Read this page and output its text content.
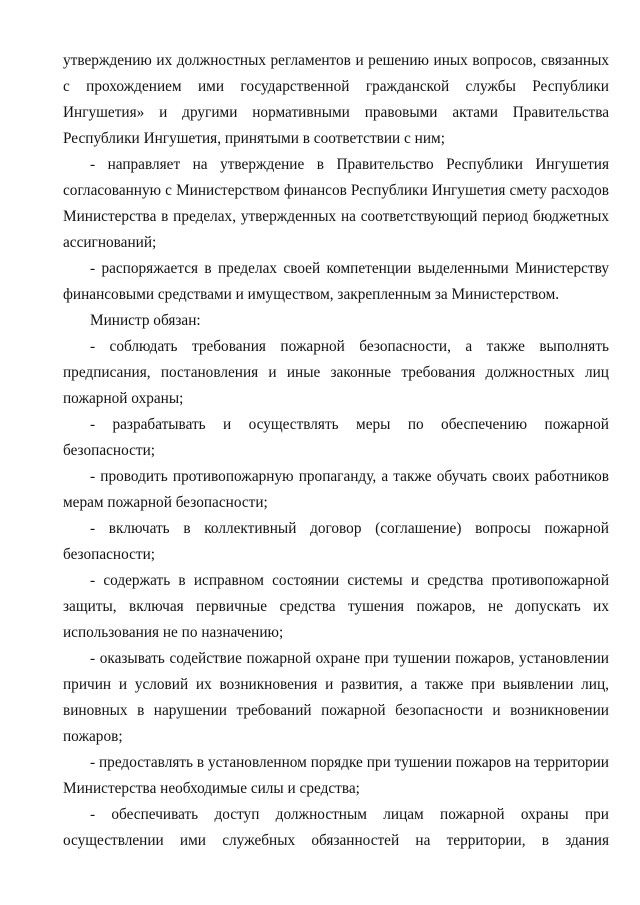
утверждению их должностных регламентов и решению иных вопросов, связанных с прохождением ими государственной гражданской службы Республики Ингушетия» и другими нормативными правовыми актами Правительства Республики Ингушетия, принятыми в соответствии с ним;

- направляет на утверждение в Правительство Республики Ингушетия согласованную с Министерством финансов Республики Ингушетия смету расходов Министерства в пределах, утвержденных на соответствующий период бюджетных ассигнований;

- распоряжается в пределах своей компетенции выделенными Министерству финансовыми средствами и имуществом, закрепленным за Министерством.

Министр обязан:

- соблюдать требования пожарной безопасности, а также выполнять предписания, постановления и иные законные требования должностных лиц пожарной охраны;

- разрабатывать и осуществлять меры по обеспечению пожарной безопасности;

- проводить противопожарную пропаганду, а также обучать своих работников мерам пожарной безопасности;

- включать в коллективный договор (соглашение) вопросы пожарной безопасности;

- содержать в исправном состоянии системы и средства противопожарной защиты, включая первичные средства тушения пожаров, не допускать их использования не по назначению;

- оказывать содействие пожарной охране при тушении пожаров, установлении причин и условий их возникновения и развития, а также при выявлении лиц, виновных в нарушении требований пожарной безопасности и возникновении пожаров;

- предоставлять в установленном порядке при тушении пожаров на территории Министерства необходимые силы и средства;

- обеспечивать доступ должностным лицам пожарной охраны при осуществлении ими служебных обязанностей на территории, в здания
